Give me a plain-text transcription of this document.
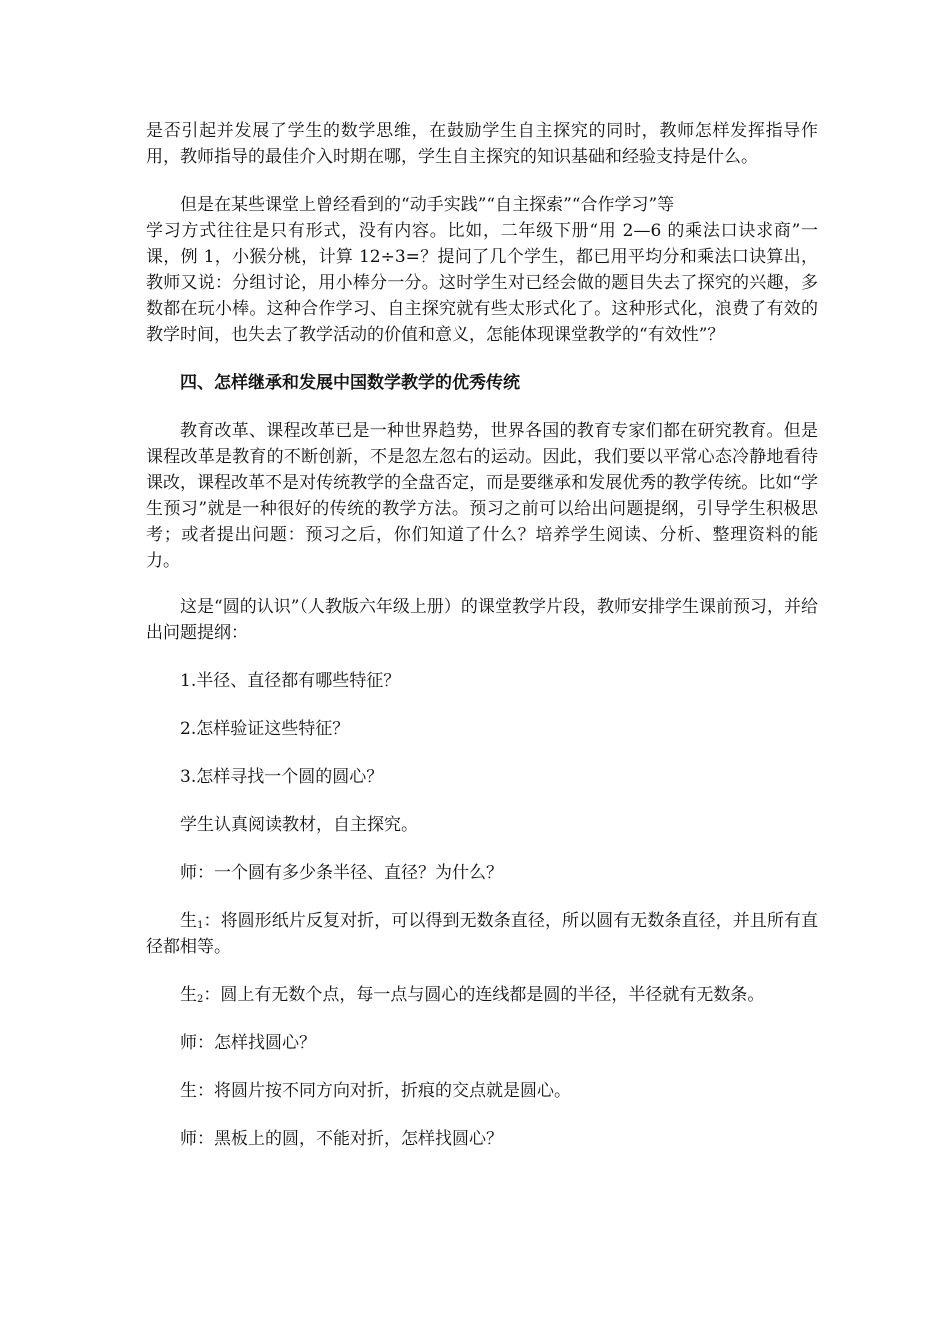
是否引起并发展了学生的数学思维，在鼓励学生自主探究的同时，教师怎样发挥指导作用，教师指导的最佳介入时期在哪，学生自主探究的知识基础和经验支持是什么。

但是在某些课堂上曾经看到的“动手实践”“自主探索”“合作学习”等

学习方式往往是只有形式，没有内容。比如，二年级下册“用 2—6 的乘法口诀求商”一课，例 1，小猴分桃，计算 12÷3=？提问了几个学生，都已用平均分和乘法口诀算出，教师又说：分组讨论，用小棒分一分。这时学生对已经会做的题目失去了探究的兴趣，多数都在玩小棒。这种合作学习、自主探究就有些太形式化了。这种形式化，浪费了有效的教学时间，也失去了教学活动的价值和意义，怎能体现课堂教学的“有效性”？

四、怎样继承和发展中国数学教学的优秀传统

教育改革、课程改革已是一种世界趋势，世界各国的教育专家们都在研究教育。但是课程改革是教育的不断创新，不是忽左忽右的运动。因此，我们要以平常心态冷静地看待课改，课程改革不是对传统教学的全盘否定，而是要继承和发展优秀的教学传统。比如“学生预习”就是一种很好的传统的教学方法。预习之前可以给出问题提纲，引导学生积极思考；或者提出问题：预习之后，你们知道了什么？培养学生阅读、分析、整理资料的能力。

这是“圆的认识”（人教版六年级上册）的课堂教学片段，教师安排学生课前预习，并给出问题提纲：

1.半径、直径都有哪些特征？

2.怎样验证这些特征？

3.怎样寻找一个圆的圆心？

学生认真阅读教材，自主探究。

师：一个圆有多少条半径、直径？为什么？

生$_1$：将圆形纸片反复对折，可以得到无数条直径，所以圆有无数条直径，并且所有直径都相等。

生$_2$：圆上有无数个点，每一点与圆心的连线都是圆的半径，半径就有无数条。

师：怎样找圆心？

生：将圆片按不同方向对折，折痕的交点就是圆心。

师：黑板上的圆，不能对折，怎样找圆心？
